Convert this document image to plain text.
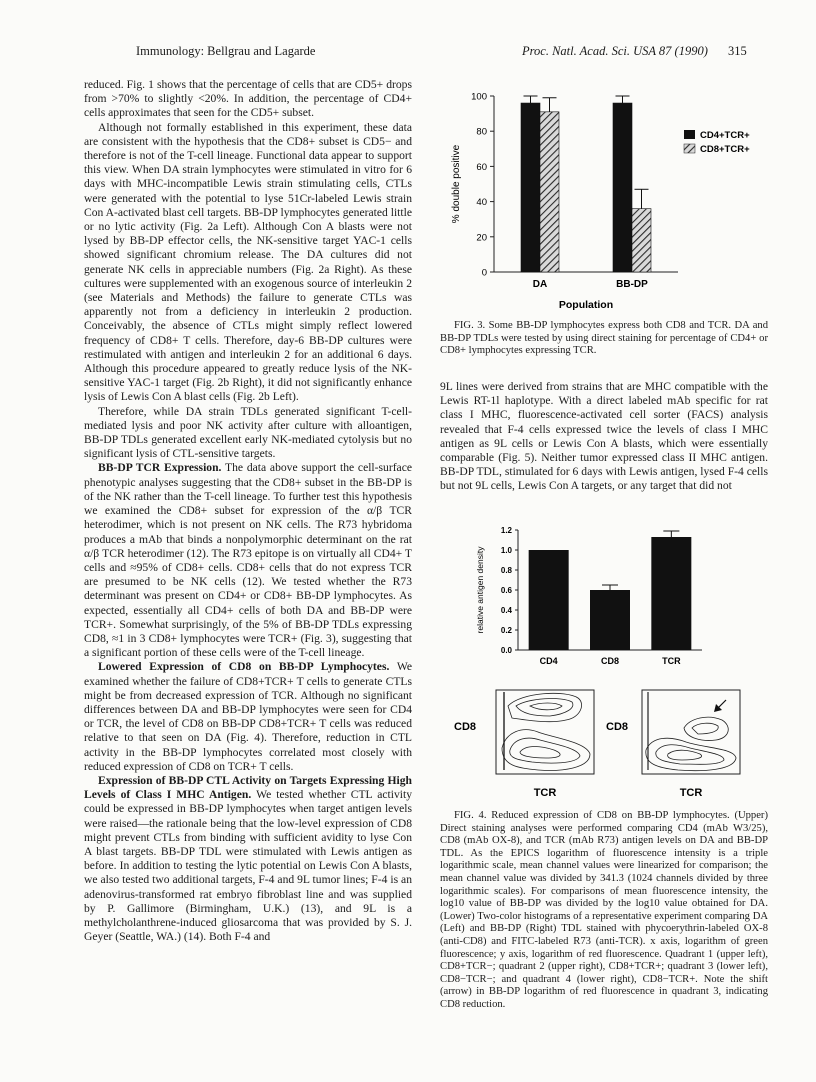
Immunology: Bellgrau and Lagarde	Proc. Natl. Acad. Sci. USA 87 (1990) 315

reduced. Fig. 1 shows that the percentage of cells that are CD5+ drops from >70% to slightly <20%. In addition, the percentage of CD4+ cells approximates that seen for the CD5+ subset.

Although not formally established in this experiment, these data are consistent with the hypothesis that the CD8+ subset is CD5− and therefore is not of the T-cell lineage. Functional data appear to support this view. When DA strain lymphocytes were stimulated in vitro for 6 days with MHC-incompatible Lewis strain stimulating cells, CTLs were generated with the potential to lyse 51Cr-labeled Lewis strain Con A-activated blast cell targets. BB-DP lymphocytes generated little or no lytic activity (Fig. 2a Left). Although Con A blasts were not lysed by BB-DP effector cells, the NK-sensitive target YAC-1 cells showed significant chromium release. The DA cultures did not generate NK cells in appreciable numbers (Fig. 2a Right). As these cultures were supplemented with an exogenous source of interleukin 2 (see Materials and Methods) the failure to generate CTLs was apparently not from a deficiency in interleukin 2 production. Conceivably, the absence of CTLs might simply reflect lowered frequency of CD8+ T cells. Therefore, day-6 BB-DP cultures were restimulated with antigen and interleukin 2 for an additional 6 days. Although this procedure appeared to greatly reduce lysis of the NK-sensitive YAC-1 target (Fig. 2b Right), it did not significantly enhance lysis of Lewis Con A blast cells (Fig. 2b Left).

Therefore, while DA strain TDLs generated significant T-cell-mediated lysis and poor NK activity after culture with alloantigen, BB-DP TDLs generated excellent early NK-mediated cytolysis but no significant lysis of CTL-sensitive targets.

BB-DP TCR Expression. The data above support the cell-surface phenotypic analyses suggesting that the CD8+ subset in the BB-DP is of the NK rather than the T-cell lineage. To further test this hypothesis we examined the CD8+ subset for expression of the α/β TCR heterodimer, which is not present on NK cells. The R73 hybridoma produces a mAb that binds a nonpolymorphic determinant on the rat α/β TCR heterodimer (12). The R73 epitope is on virtually all CD4+ T cells and ≈95% of CD8+ cells. CD8+ cells that do not express TCR are presumed to be NK cells (12). We tested whether the R73 determinant was present on CD4+ or CD8+ BB-DP lymphocytes. As expected, essentially all CD4+ cells of both DA and BB-DP were TCR+. Somewhat surprisingly, of the 5% of BB-DP TDLs expressing CD8, ≈1 in 3 CD8+ lymphocytes were TCR+ (Fig. 3), suggesting that a significant portion of these cells were of the T-cell lineage.

Lowered Expression of CD8 on BB-DP Lymphocytes. We examined whether the failure of CD8+TCR+ T cells to generate CTLs might be from decreased expression of TCR. Although no significant differences between DA and BB-DP lymphocytes were seen for CD4 or TCR, the level of CD8 on BB-DP CD8+TCR+ T cells was reduced relative to that seen on DA (Fig. 4). Therefore, reduction in CTL activity in the BB-DP lymphocytes correlated most closely with reduced expression of CD8 on TCR+ T cells.

Expression of BB-DP CTL Activity on Targets Expressing High Levels of Class I MHC Antigen. We tested whether CTL activity could be expressed in BB-DP lymphocytes when target antigen levels were raised—the rationale being that the low-level expression of CD8 might prevent CTLs from binding with sufficient avidity to lyse Con A blast targets. BB-DP TDL were stimulated with Lewis antigen as before. In addition to testing the lytic potential on Lewis Con A blasts, we also tested two additional targets, F-4 and 9L tumor lines; F-4 is an adenovirus-transformed rat embryo fibroblast line and was supplied by P. Gallimore (Birmingham, U.K.) (13), and 9L is a methylcholanthrene-induced gliosarcoma that was provided by S. J. Geyer (Seattle, WA.) (14). Both F-4 and

0
20
40
60
80
100
DA	BB-DP
% double positive
Population
CD4+TCR+
CD8+TCR+

FIG. 3. Some BB-DP lymphocytes express both CD8 and TCR. DA and BB-DP TDLs were tested by using direct staining for percentage of CD4+ or CD8+ lymphocytes expressing TCR.

9L lines were derived from strains that are MHC compatible with the Lewis RT-1l haplotype. With a direct labeled mAb specific for rat class I MHC, fluorescence-activated cell sorter (FACS) analysis revealed that F-4 cells expressed twice the levels of class I MHC antigen as 9L cells or Lewis Con A blasts, which were essentially comparable (Fig. 5). Neither tumor expressed class II MHC antigen. BB-DP TDL, stimulated for 6 days with Lewis antigen, lysed F-4 cells but not 9L cells, Lewis Con A targets, or any target that did not

0.0
0.2
0.4
0.6
0.8
1.0
1.2
CD4	CD8	TCR
relative antigen density
CD8
TCR
CD8
TCR

FIG. 4. Reduced expression of CD8 on BB-DP lymphocytes. (Upper) Direct staining analyses were performed comparing CD4 (mAb W3/25), CD8 (mAb OX-8), and TCR (mAb R73) antigen levels on DA and BB-DP TDL. As the EPICS logarithm of fluorescence intensity is a triple logarithmic scale, mean channel values were linearized for comparison; the mean channel value was divided by 341.3 (1024 channels divided by three logarithmic scales). For comparisons of mean fluorescence intensity, the log10 value of BB-DP was divided by the log10 value obtained for DA. (Lower) Two-color histograms of a representative experiment comparing DA (Left) and BB-DP (Right) TDL stained with phycoerythrin-labeled OX-8 (anti-CD8) and FITC-labeled R73 (anti-TCR). x axis, logarithm of green fluorescence; y axis, logarithm of red fluorescence. Quadrant 1 (upper left), CD8+TCR−; quadrant 2 (upper right), CD8+TCR+; quadrant 3 (lower left), CD8−TCR−; and quadrant 4 (lower right), CD8−TCR+. Note the shift (arrow) in BB-DP logarithm of red fluorescence in quadrant 3, indicating CD8 reduction.
